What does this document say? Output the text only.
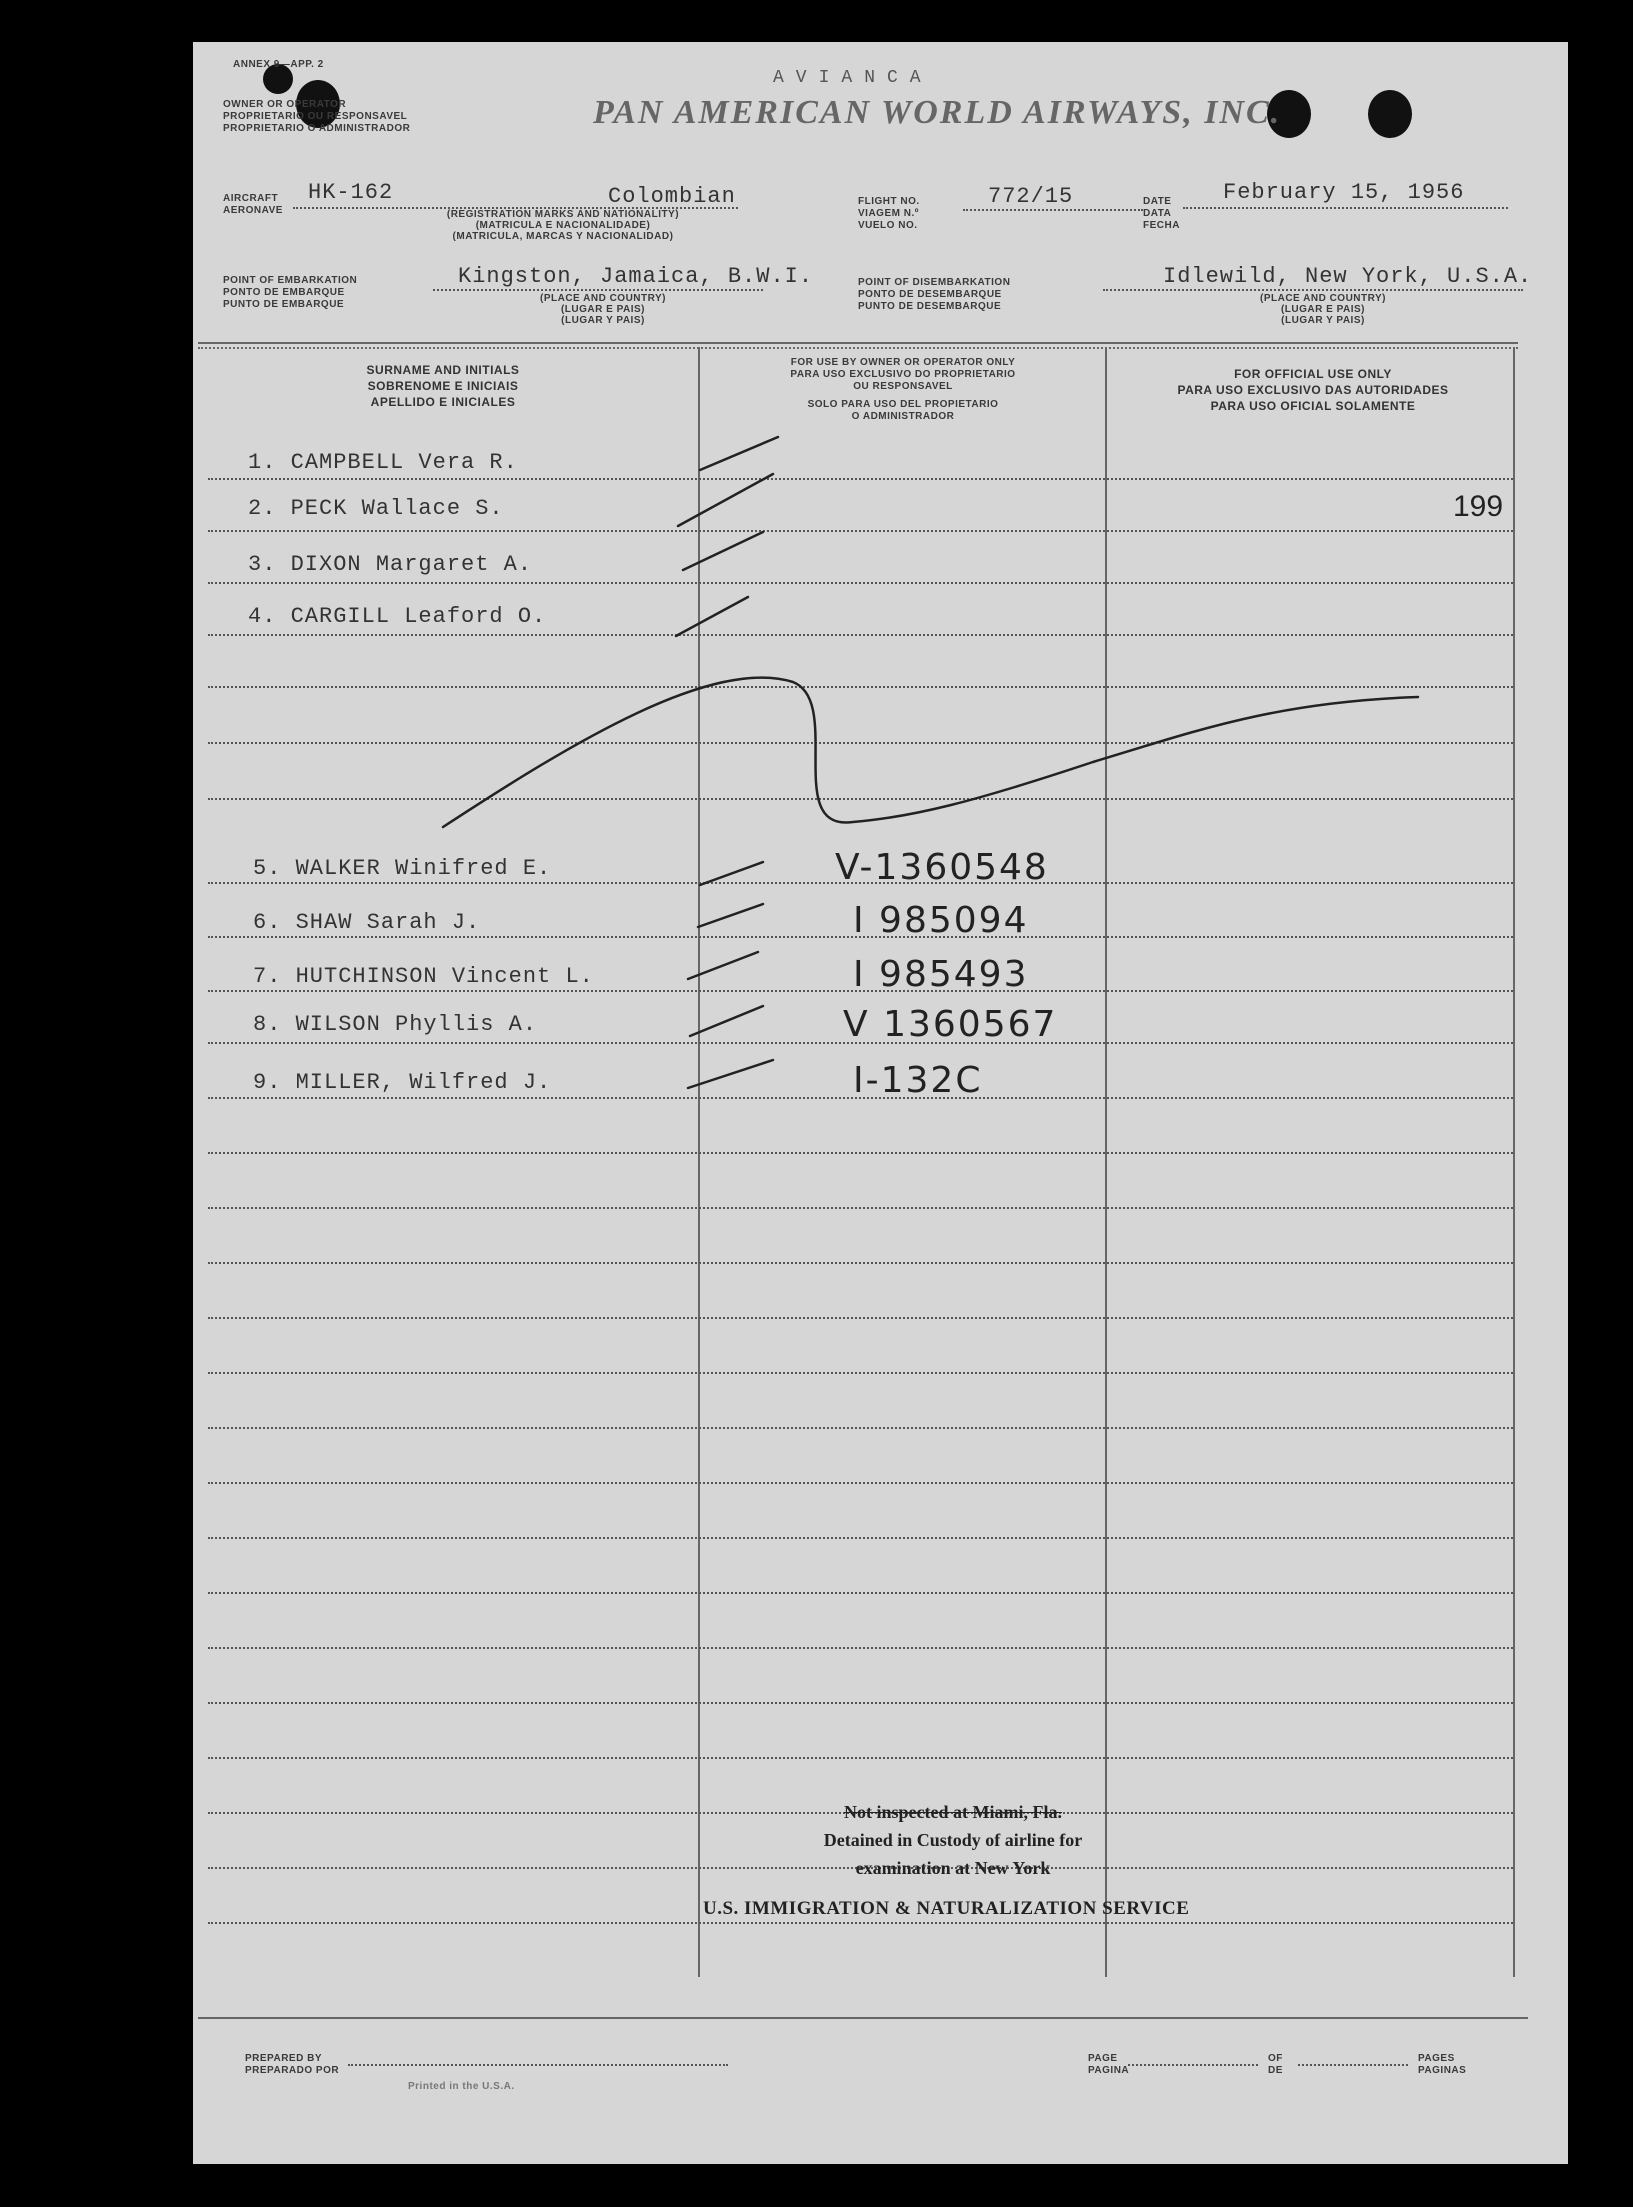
ANNEX 9—APP. 2
OWNER OR OPERATOR
PROPRIETARIO OU RESPONSAVEL
PROPRIETARIO O ADMINISTRADOR
AVIANCA
PAN AMERICAN WORLD AIRWAYS, INC.
AIRCRAFT
AERONAVE
HK-162	Colombian
(REGISTRATION MARKS AND NATIONALITY)
(MATRICULA E NACIONALIDADE)
(MATRICULA, MARCAS Y NACIONALIDAD)
FLIGHT NO.
VIAGEM N.º
VUELO NO.
772/15	DATE
DATA
FECHA
February 15, 1956
POINT OF EMBARKATION
PONTO DE EMBARQUE
PUNTO DE EMBARQUE
Kingston, Jamaica, B.W.I.
(PLACE AND COUNTRY)
(LUGAR E PAIS)
(LUGAR Y PAIS)
POINT OF DISEMBARKATION
PONTO DE DESEMBARQUE
PUNTO DE DESEMBARQUE
Idlewild, New York, U.S.A.
(PLACE AND COUNTRY)
(LUGAR E PAIS)
(LUGAR Y PAIS)
SURNAME AND INITIALS
SOBRENOME E INICIAIS
APELLIDO E INICIALES
FOR USE BY OWNER OR OPERATOR ONLY
PARA USO EXCLUSIVO DO PROPRIETARIO
OU RESPONSAVEL
SOLO PARA USO DEL PROPIETARIO
O ADMINISTRADOR
FOR OFFICIAL USE ONLY
PARA USO EXCLUSIVO DAS AUTORIDADES
PARA USO OFICIAL SOLAMENTE
1. CAMPBELL Vera R.
2. PECK Wallace S.
3. DIXON Margaret A.
4. CARGILL Leaford O.
5. WALKER Winifred E.
6. SHAW Sarah J.
7. HUTCHINSON Vincent L.
8. WILSON Phyllis A.
9. MILLER, Wilfred J.
V-1360548
I 985094
I 985493
V 1360567
I-132C
199
Not inspected at Miami, Fla.
Detained in Custody of airline for
examination at New York
U.S. IMMIGRATION & NATURALIZATION SERVICE
PREPARED BY
PREPARADO POR
Printed in the U.S.A.
PAGE
PAGINA
OF
DE
PAGES
PAGINAS
